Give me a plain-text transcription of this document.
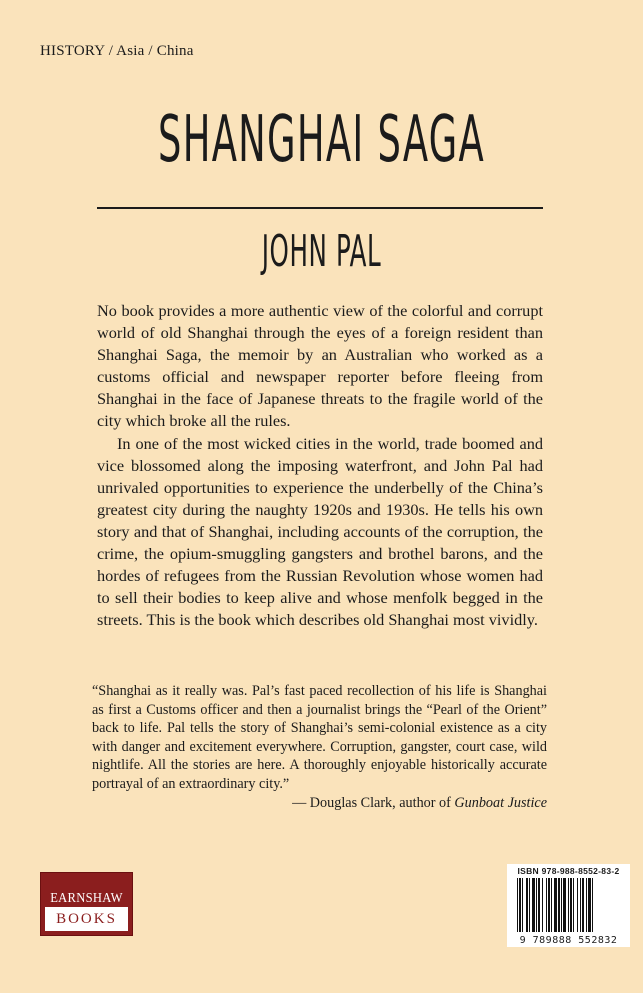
HISTORY / Asia / China
SHANGHAI SAGA
JOHN PAL

No book provides a more authentic view of the colorful and corrupt world of old Shanghai through the eyes of a foreign resident than Shanghai Saga, the memoir by an Australian who worked as a customs official and newspaper reporter before fleeing from Shanghai in the face of Japanese threats to the fragile world of the city which broke all the rules.

In one of the most wicked cities in the world, trade boomed and vice blossomed along the imposing waterfront, and John Pal had unrivaled opportunities to experience the underbelly of the China’s greatest city during the naughty 1920s and 1930s. He tells his own story and that of Shanghai, including accounts of the corruption, the crime, the opium-smuggling gangsters and brothel barons, and the hordes of refugees from the Russian Revolution whose women had to sell their bodies to keep alive and whose menfolk begged in the streets. This is the book which describes old Shanghai most vividly.

“Shanghai as it really was. Pal’s fast paced recollection of his life is Shanghai as first a Customs officer and then a journalist brings the “Pearl of the Orient” back to life. Pal tells the story of Shanghai’s semi-colonial existence as a city with danger and excitement everywhere. Corruption, gangster, court case, wild nightlife. All the stories are here. A thoroughly enjoyable historically accurate portrayal of an extraordinary city.”

— Douglas Clark, author of Gunboat Justice

EARNSHAW
BOOKS
ISBN 978-988-8552-83-2
9 789888 552832
